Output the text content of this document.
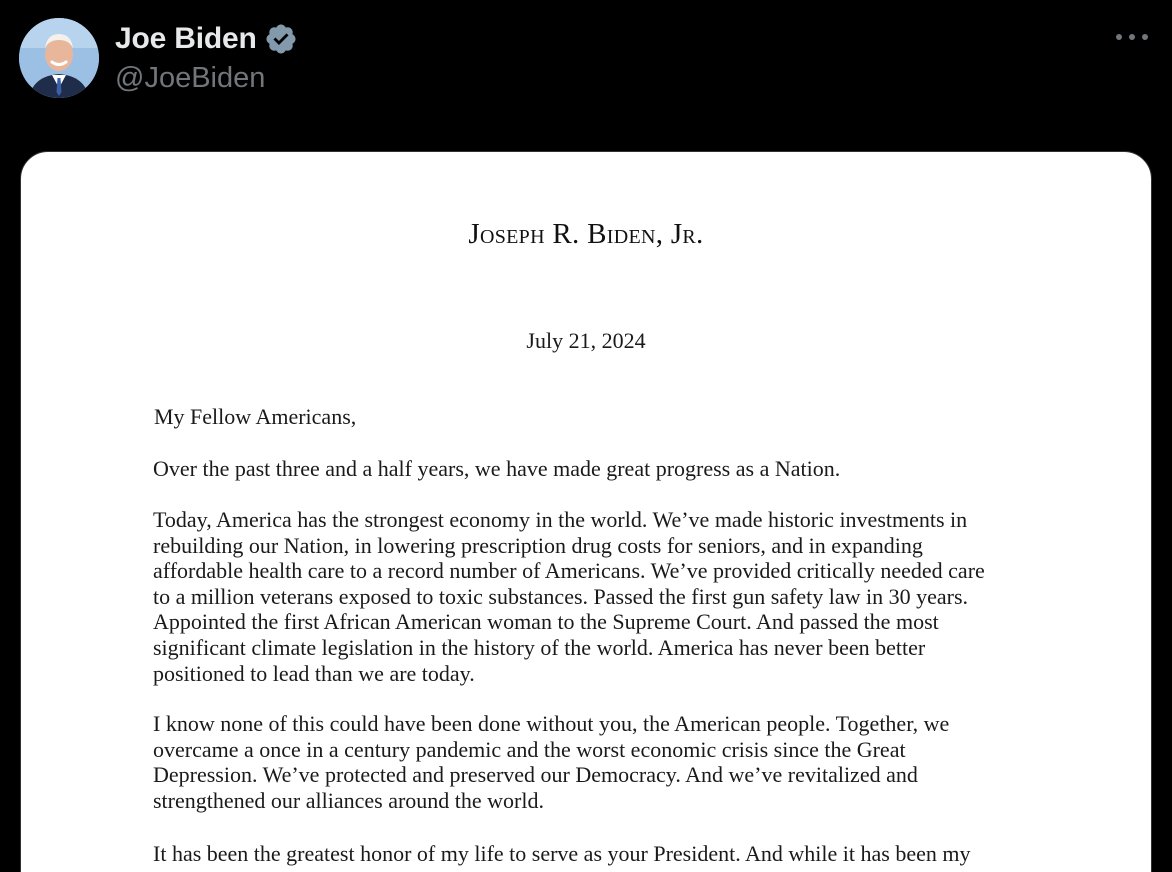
Joe Biden
@JoeBiden
Joseph R. Biden, Jr.
July 21, 2024
My Fellow Americans,
Over the past three and a half years, we have made great progress as a Nation.
Today, America has the strongest economy in the world. We’ve made historic investments in
rebuilding our Nation, in lowering prescription drug costs for seniors, and in expanding
affordable health care to a record number of Americans. We’ve provided critically needed care
to a million veterans exposed to toxic substances. Passed the first gun safety law in 30 years.
Appointed the first African American woman to the Supreme Court. And passed the most
significant climate legislation in the history of the world. America has never been better
positioned to lead than we are today.
I know none of this could have been done without you, the American people. Together, we
overcame a once in a century pandemic and the worst economic crisis since the Great
Depression. We’ve protected and preserved our Democracy. And we’ve revitalized and
strengthened our alliances around the world.
It has been the greatest honor of my life to serve as your President. And while it has been my
